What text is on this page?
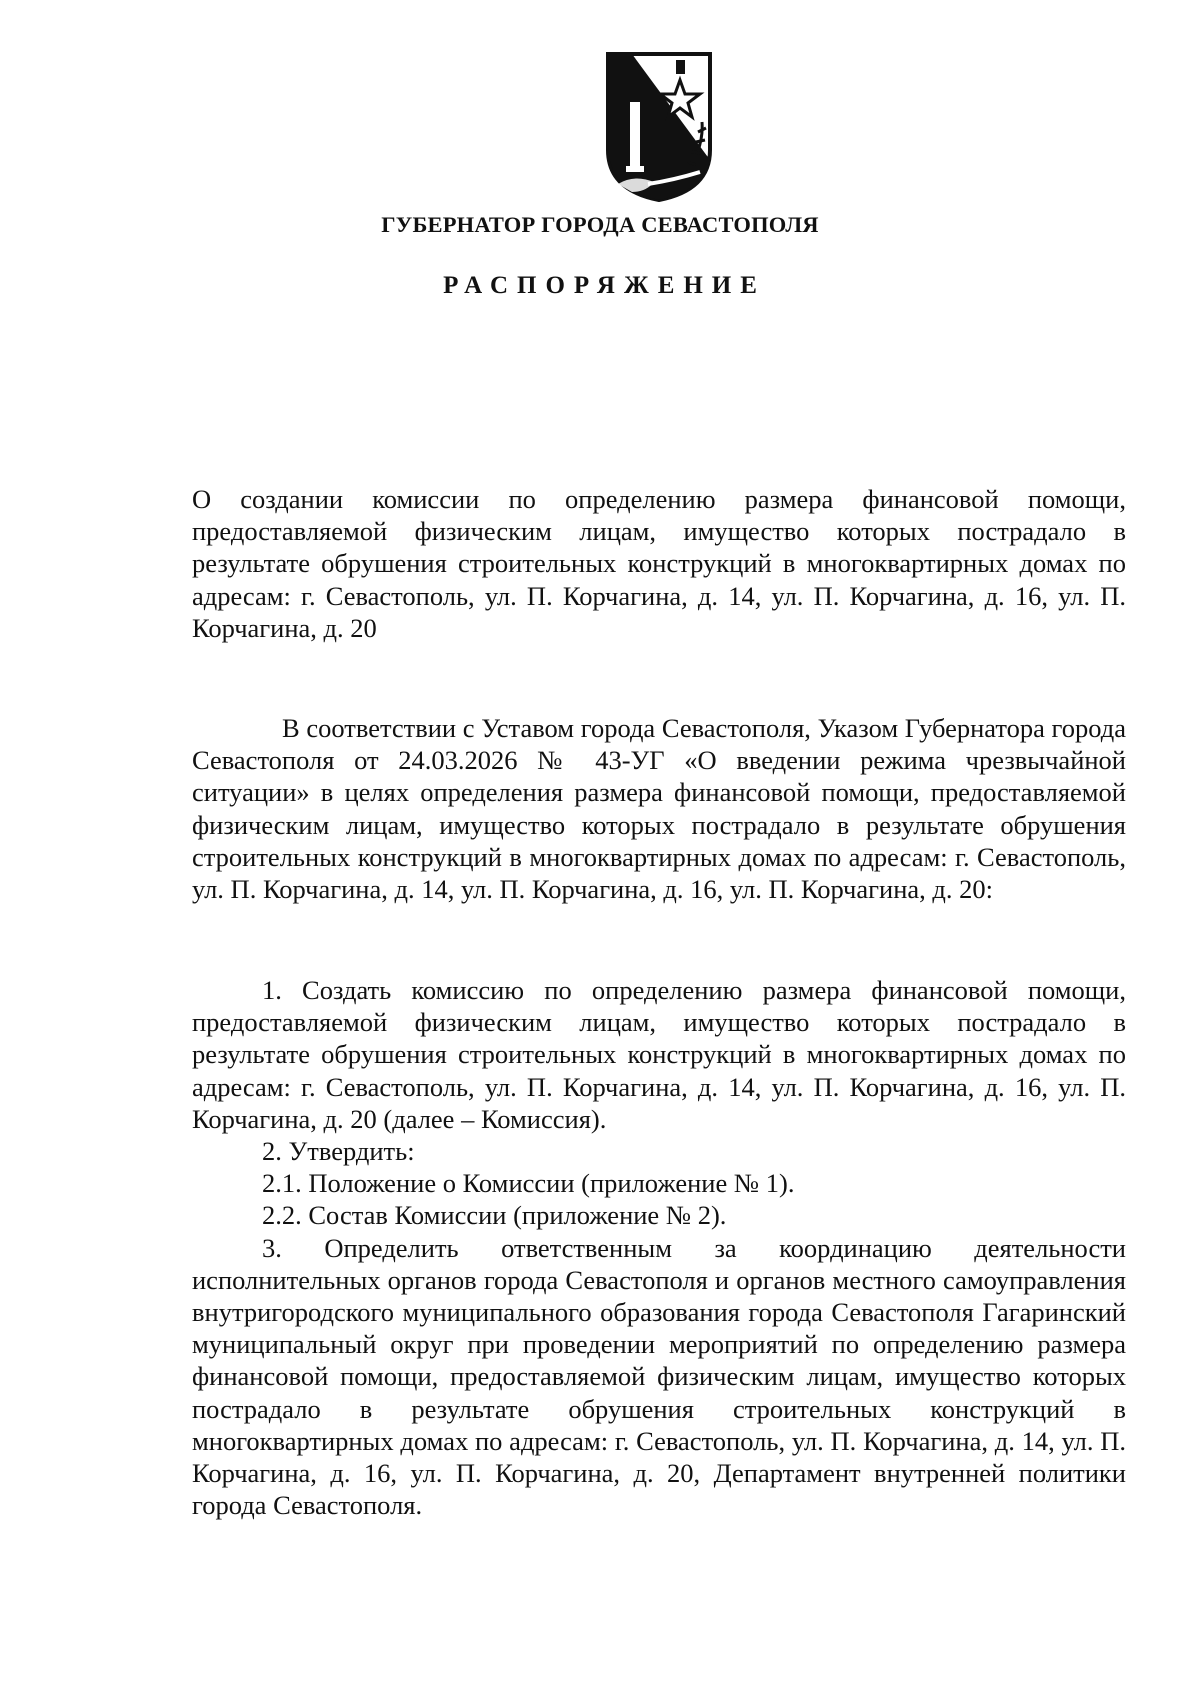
ГУБЕРНАТОР ГОРОДА СЕВАСТОПОЛЯ
РАСПОРЯЖЕНИЕ
О создании комиссии по определению размера финансовой помощи, предоставляемой физическим лицам, имущество которых пострадало в результате обрушения строительных конструкций в многоквартирных домах по адресам: г. Севастополь, ул. П. Корчагина, д. 14, ул. П. Корчагина, д. 16, ул. П. Корчагина, д. 20
В соответствии с Уставом города Севастополя, Указом Губернатора города Севастополя от 24.03.2026 № 43-УГ «О введении режима чрезвычайной ситуации» в целях определения размера финансовой помощи, предоставляемой физическим лицам, имущество которых пострадало в результате обрушения строительных конструкций в многоквартирных домах по адресам: г. Севастополь, ул. П. Корчагина, д. 14, ул. П. Корчагина, д. 16, ул. П. Корчагина, д. 20:

1. Создать комиссию по определению размера финансовой помощи, предоставляемой физическим лицам, имущество которых пострадало в результате обрушения строительных конструкций в многоквартирных домах по адресам: г. Севастополь, ул. П. Корчагина, д. 14, ул. П. Корчагина, д. 16, ул. П. Корчагина, д. 20 (далее – Комиссия).

2. Утвердить:

2.1. Положение о Комиссии (приложение № 1).

2.2. Состав Комиссии (приложение № 2).

3. Определить ответственным за координацию деятельности исполнительных органов города Севастополя и органов местного самоуправления внутригородского муниципального образования города Севастополя Гагаринский муниципальный округ при проведении мероприятий по определению размера финансовой помощи, предоставляемой физическим лицам, имущество которых пострадало в результате обрушения строительных конструкций в многоквартирных домах по адресам: г. Севастополь, ул. П. Корчагина, д. 14, ул. П. Корчагина, д. 16, ул. П. Корчагина, д. 20, Департамент внутренней политики города Севастополя.
